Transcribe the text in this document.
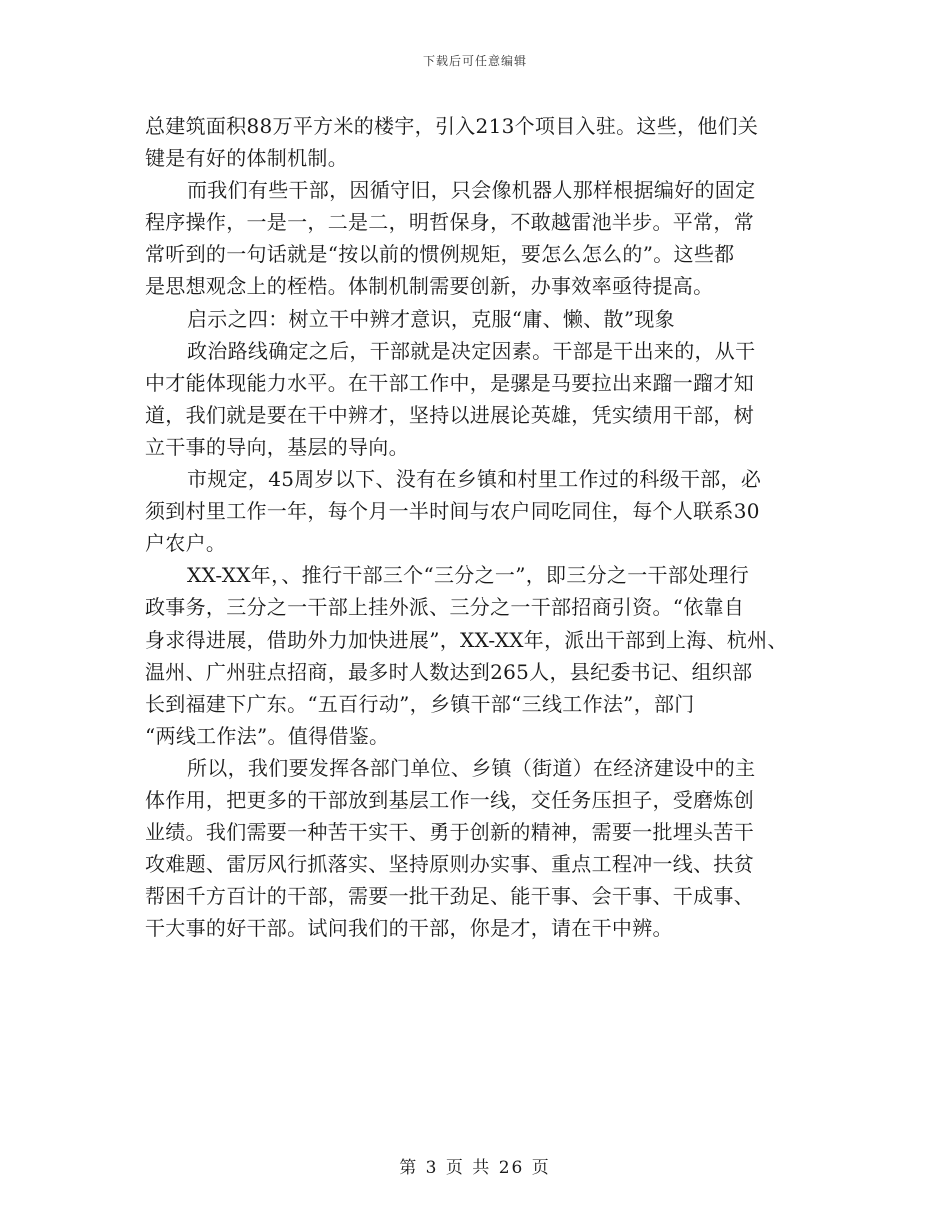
下载后可任意编辑
总建筑面积88万平方米的楼宇，引入213个项目入驻。这些，他们关
键是有好的体制机制。
而我们有些干部，因循守旧，只会像机器人那样根据编好的固定
程序操作，一是一，二是二，明哲保身，不敢越雷池半步。平常，常
常听到的一句话就是“按以前的惯例规矩，要怎么怎么的”。这些都
是思想观念上的桎梏。体制机制需要创新，办事效率亟待提高。
启示之四：树立干中辨才意识，克服“庸、懒、散”现象
政治路线确定之后，干部就是决定因素。干部是干出来的，从干
中才能体现能力水平。在干部工作中，是骡是马要拉出来蹓一蹓才知
道，我们就是要在干中辨才，坚持以进展论英雄，凭实绩用干部，树
立干事的导向，基层的导向。
市规定，45周岁以下、没有在乡镇和村里工作过的科级干部，必
须到村里工作一年，每个月一半时间与农户同吃同住，每个人联系30
户农户。
XX-XX年，、推行干部三个“三分之一”，即三分之一干部处理行
政事务，三分之一干部上挂外派、三分之一干部招商引资。“依靠自
身求得进展，借助外力加快进展”，XX-XX年，派出干部到上海、杭州、
温州、广州驻点招商，最多时人数达到265人，县纪委书记、组织部
长到福建下广东。“五百行动”，乡镇干部“三线工作法”，部门
“两线工作法”。值得借鉴。
所以，我们要发挥各部门单位、乡镇（街道）在经济建设中的主
体作用，把更多的干部放到基层工作一线，交任务压担子，受磨炼创
业绩。我们需要一种苦干实干、勇于创新的精神，需要一批埋头苦干
攻难题、雷厉风行抓落实、坚持原则办实事、重点工程冲一线、扶贫
帮困千方百计的干部，需要一批干劲足、能干事、会干事、干成事、
干大事的好干部。试问我们的干部，你是才，请在干中辨。
第 3 页 共 26 页
